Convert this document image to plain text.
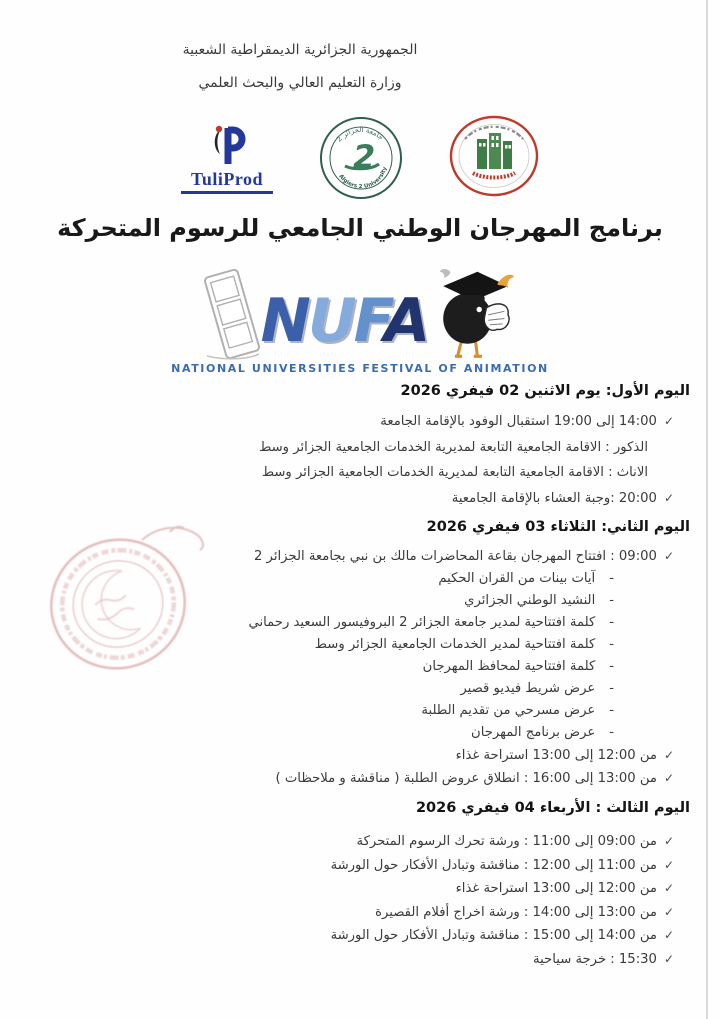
الجمهورية الجزائرية الديمقراطية الشعبية
وزارة التعليم العالي والبحث العلمي
TuliProd
جامعة الجزائر 2
Algiers 2 University
2
برنامج المهرجان الوطني الجامعي للرسوم المتحركة
NUFA
NATIONAL UNIVERSITIES FESTIVAL OF ANIMATION
اليوم الأول: يوم الاثنين 02 فيفري 2026
✓14:00 إلى 19:00 استقبال الوفود بالإقامة الجامعة
الذكور : الاقامة الجامعية التابعة لمديرية الخدمات الجامعية الجزائر وسط
الاناث : الاقامة الجامعية التابعة لمديرية الخدمات الجامعية الجزائر وسط
✓20:00 :وجبة العشاء بالإقامة الجامعية
اليوم الثاني: الثلاثاء 03 فيفري 2026
✓09:00 : افتتاح المهرجان بقاعة المحاضرات مالك بن نبي بجامعة الجزائر 2
-آيات بينات من القران الحكيم
-النشيد الوطني الجزائري
-كلمة افتتاحية لمدير جامعة الجزائر 2 البروفيسور السعيد رحماني
-كلمة افتتاحية لمدير الخدمات الجامعية الجزائر وسط
-كلمة افتتاحية لمحافظ المهرجان
-عرض شريط فيديو قصير
-عرض مسرحي من تقديم الطلبة
-عرض برنامج المهرجان
✓من 12:00 إلى 13:00 استراحة غذاء
✓من 13:00 إلى 16:00 : انطلاق عروض الطلبة ( مناقشة و ملاحظات )
اليوم الثالث : الأربعاء 04 فيفري 2026
✓من 09:00 إلى 11:00 : ورشة تحرك الرسوم المتحركة
✓من 11:00 إلى 12:00 : مناقشة وتبادل الأفكار حول الورشة
✓من 12:00 إلى 13:00 استراحة غذاء
✓من 13:00 إلى 14:00 : ورشة اخراج أفلام القصيرة
✓من 14:00 إلى 15:00 : مناقشة وتبادل الأفكار حول الورشة
✓15:30 : خرجة سياحية
